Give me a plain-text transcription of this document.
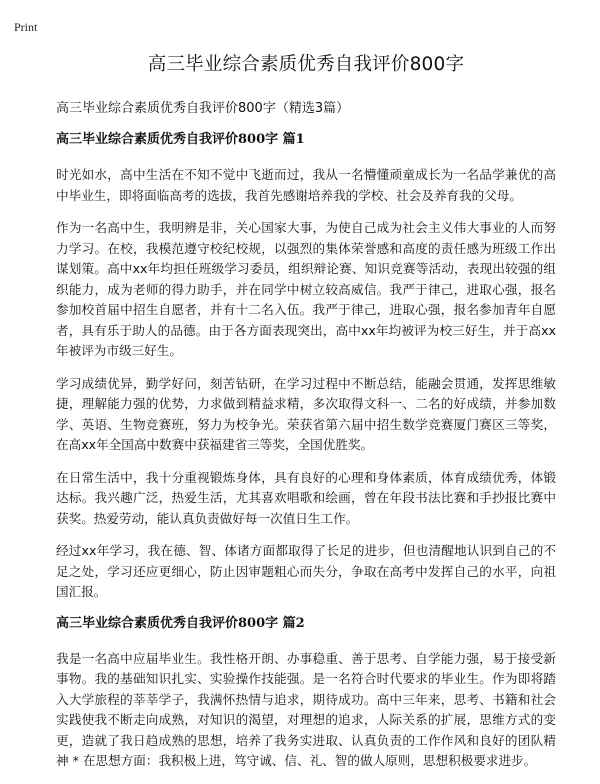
Print
高三毕业综合素质优秀自我评价800字

高三毕业综合素质优秀自我评价800字（精选3篇）

高三毕业综合素质优秀自我评价800字 篇1

时光如水，高中生活在不知不觉中飞逝而过，我从一名懵懂顽童成长为一名品学兼优的高中毕业生，即将面临高考的选拔，我首先感谢培养我的学校、社会及养育我的父母。

作为一名高中生，我明辨是非，关心国家大事，为使自己成为社会主义伟大事业的人而努力学习。在校，我模范遵守校纪校规，以强烈的集体荣誉感和高度的责任感为班级工作出谋划策。高中xx年均担任班级学习委员，组织辩论赛、知识竞赛等活动，表现出较强的组织能力，成为老师的得力助手，并在同学中树立较高威信。我严于律己，进取心强，报名参加校首届中招生自愿者，并有十二名入伍。我严于律己，进取心强，报名参加青年自愿者，具有乐于助人的品德。由于各方面表现突出，高中xx年均被评为校三好生，并于高xx年被评为市级三好生。

学习成绩优异，勤学好问，刻苦钻研，在学习过程中不断总结，能融会贯通，发挥思维敏捷，理解能力强的优势，力求做到精益求精，多次取得文科一、二名的好成绩，并参加数学、英语、生物竞赛班，努力为校争光。荣获省第六届中招生数学竞赛厦门赛区三等奖，在高xx年全国高中数赛中获福建省三等奖，全国优胜奖。

在日常生活中，我十分重视锻炼身体，具有良好的心理和身体素质，体育成绩优秀，体锻达标。我兴趣广泛，热爱生活，尤其喜欢唱歌和绘画，曾在年段书法比赛和手抄报比赛中获奖。热爱劳动，能认真负责做好每一次值日生工作。

经过xx年学习，我在德、智、体诸方面都取得了长足的进步，但也清醒地认识到自己的不足之处，学习还应更细心，防止因审题粗心而失分，争取在高考中发挥自己的水平，向祖国汇报。

高三毕业综合素质优秀自我评价800字 篇2

我是一名高中应届毕业生。我性格开朗、办事稳重、善于思考、自学能力强，易于接受新事物。我的基础知识扎实、实验操作技能强。是一名符合时代要求的毕业生。作为即将踏入大学旅程的莘莘学子，我满怀热情与追求，期待成功。高中三年来，思考、书籍和社会实践使我不断走向成熟，对知识的渴望，对理想的追求，人际关系的扩展，思维方式的变更，造就了我日趋成熟的思想，培养了我务实进取、认真负责的工作作风和良好的团队精神 * 在思想方面：我积极上进，笃守诚、信、礼、智的做人原则，思想积极要求进步。
